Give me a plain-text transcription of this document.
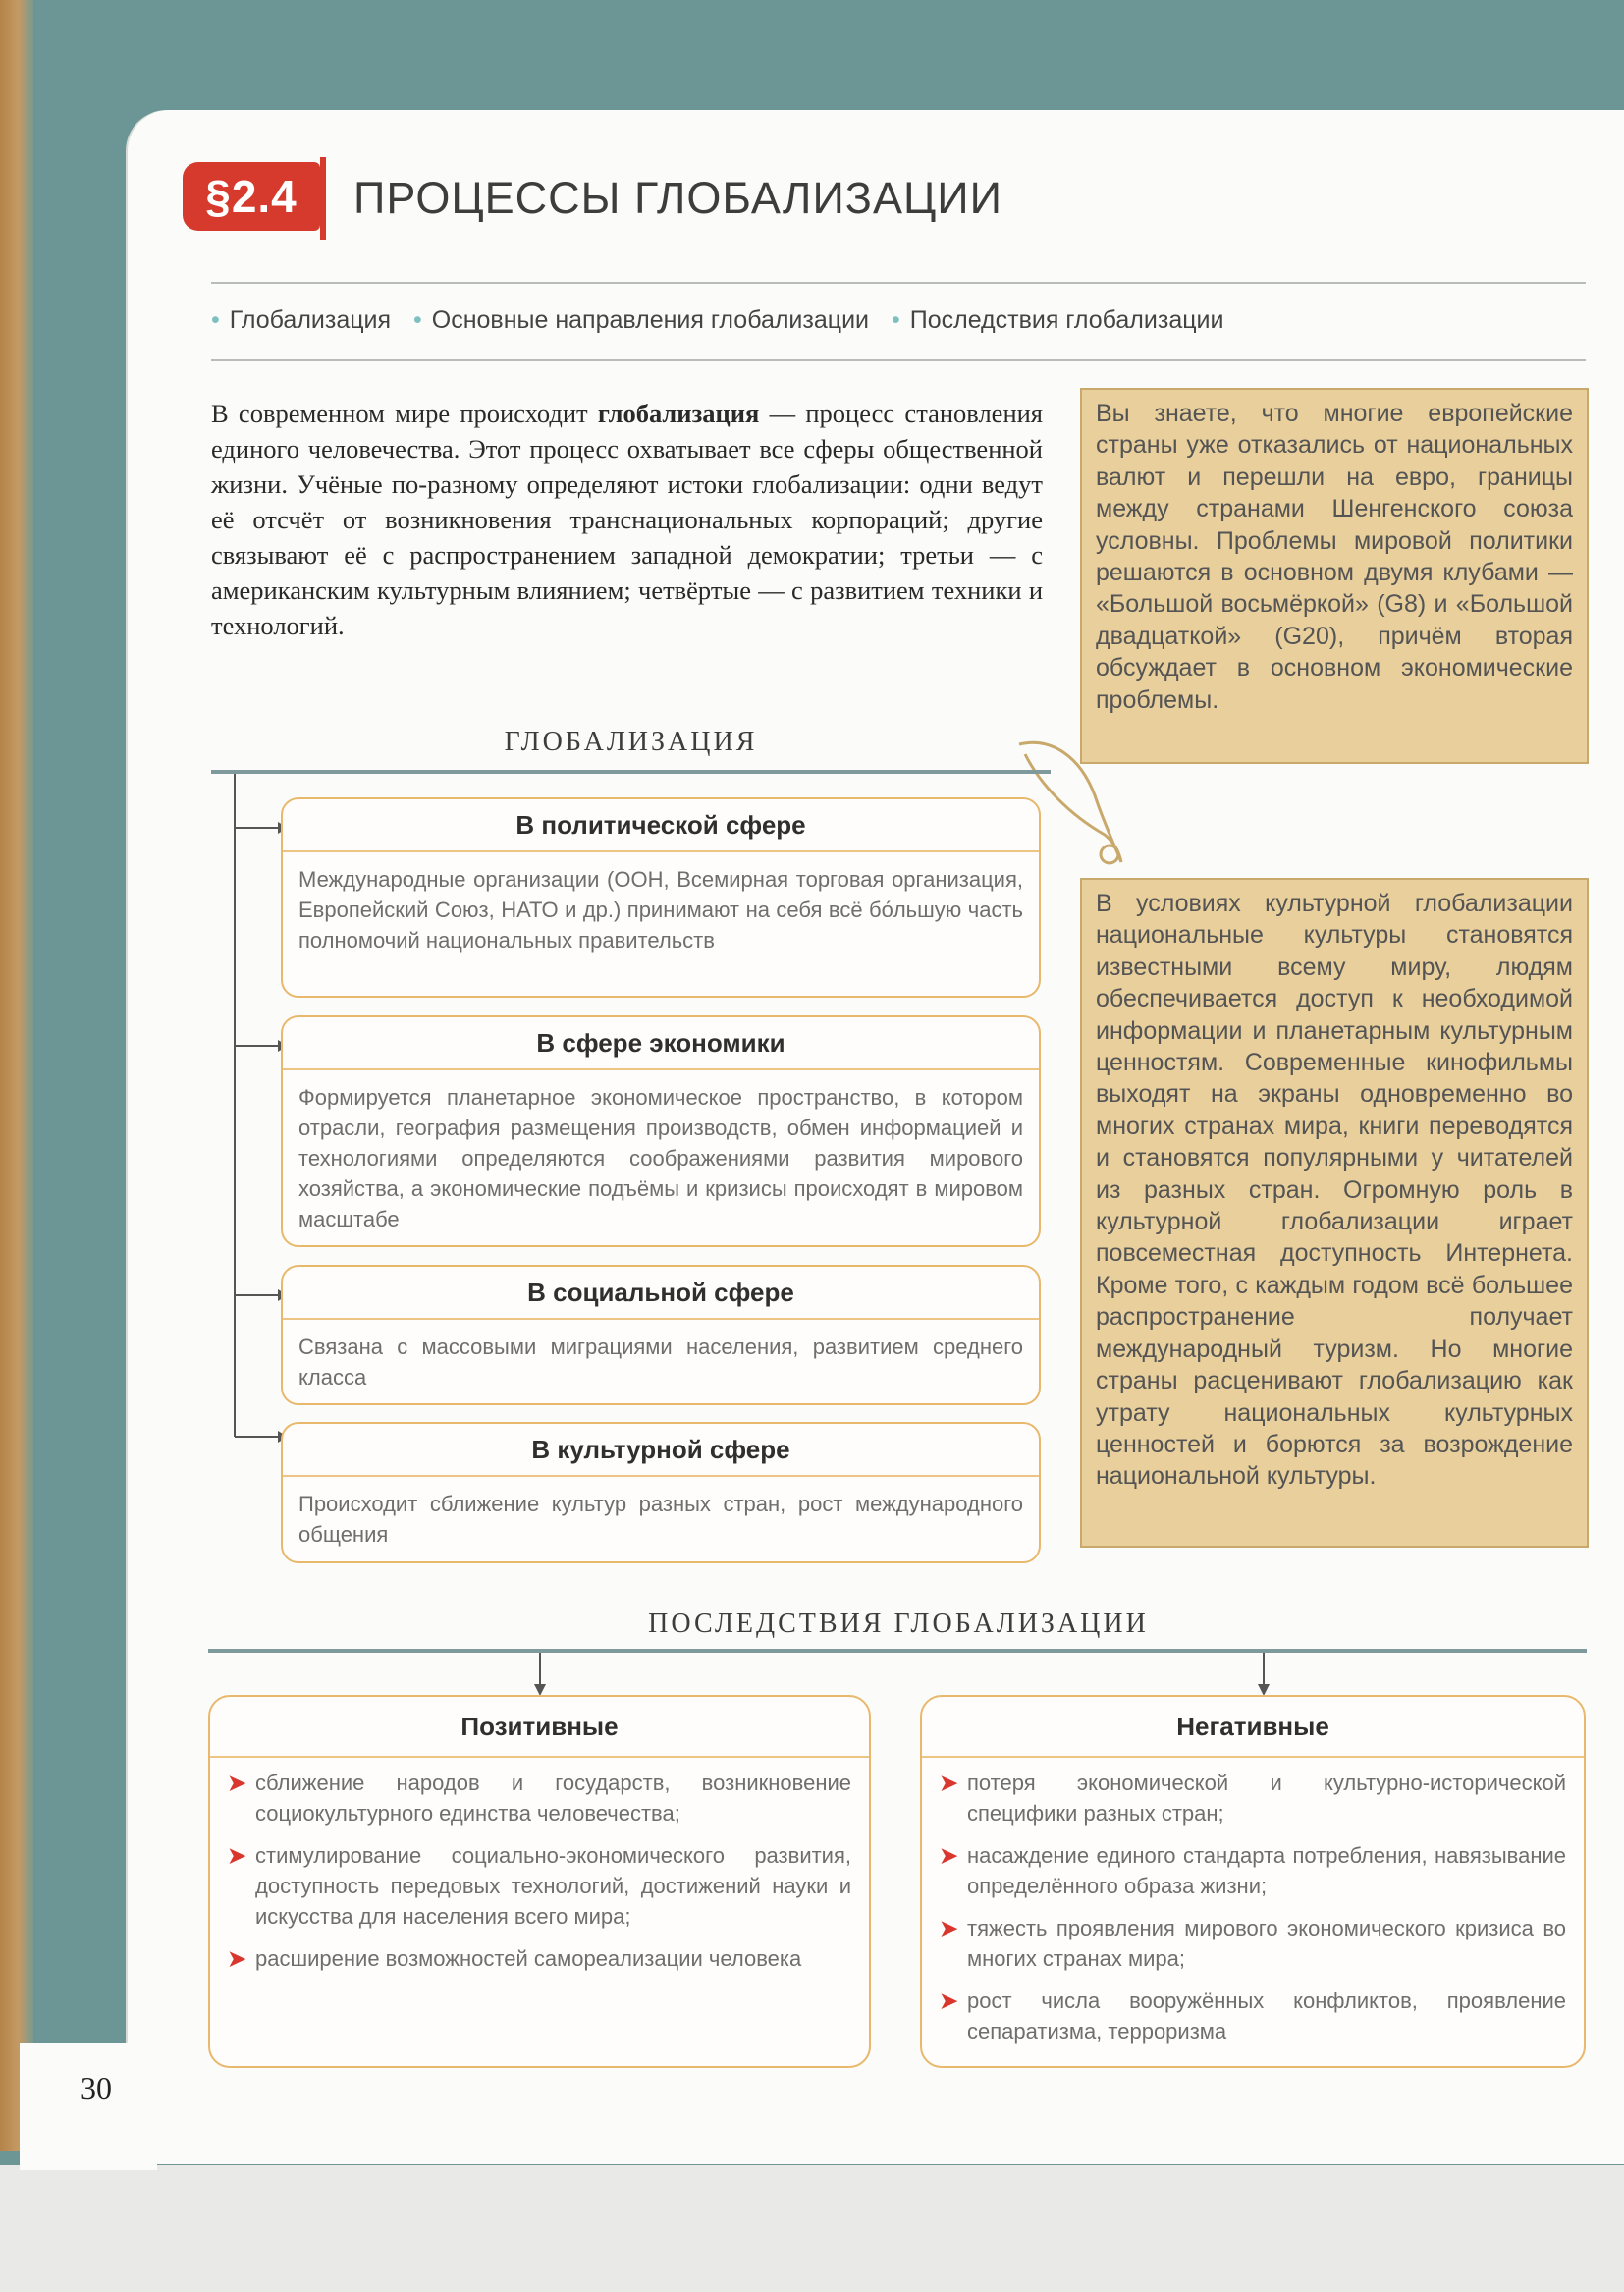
§2.4	ПРОЦЕССЫ ГЛОБАЛИЗАЦИИ
• Глобализация • Основные направления глобализации • Последствия глобализации
В современном мире происходит глобализация — процесс становления единого человечества. Этот процесс охватывает все сферы общественной жизни. Учёные по-разному определяют истоки глобализации: одни ведут её отсчёт от возникновения транснациональных корпораций; другие связывают её с распространением западной демократии; третьи — с американским культурным влиянием; четвёртые — с развитием техники и технологий.
Вы знаете, что многие европейские страны уже отказались от национальных валют и перешли на евро, границы между странами Шенгенского союза условны. Проблемы мировой политики решаются в основном двумя клубами — «Большой восьмёркой» (G8) и «Большой двадцаткой» (G20), причём вторая обсуждает в основном экономические проблемы.
В условиях культурной глобализации национальные культуры становятся известными всему миру, людям обеспечивается доступ к необходимой информации и планетарным культурным ценностям. Современные кинофильмы выходят на экраны одновременно во многих странах мира, книги переводятся и становятся популярными у читателей из разных стран. Огромную роль в культурной глобализации играет повсеместная доступность Интернета. Кроме того, с каждым годом всё большее распространение получает международный туризм. Но многие страны расценивают глобализацию как утрату национальных культурных ценностей и борются за возрождение национальной культуры.
ГЛОБАЛИЗАЦИЯ
В политической сфере
Международные организации (ООН, Всемирная торговая организация, Европейский Союз, НАТО и др.) принимают на себя всё бо́льшую часть полномочий национальных правительств
В сфере экономики
Формируется планетарное экономическое пространство, в котором отрасли, география размещения производств, обмен информацией и технологиями определяются соображениями развития мирового хозяйства, а экономические подъёмы и кризисы происходят в мировом масштабе
В социальной сфере
Связана с массовыми миграциями населения, развитием среднего класса
В культурной сфере
Происходит сближение культур разных стран, рост международного общения
ПОСЛЕДСТВИЯ ГЛОБАЛИЗАЦИИ
Позитивные
➤ сближение народов и государств, возникновение социокультурного единства человечества;
➤ стимулирование социально-экономического развития, доступность передовых технологий, достижений науки и искусства для населения всего мира;
➤ расширение возможностей самореализации человека
Негативные
➤ потеря экономической и культурно-исторической специфики разных стран;
➤ насаждение единого стандарта потребления, навязывание определённого образа жизни;
➤ тяжесть проявления мирового экономического кризиса во многих странах мира;
➤ рост числа вооружённых конфликтов, проявление сепаратизма, терроризма
30
